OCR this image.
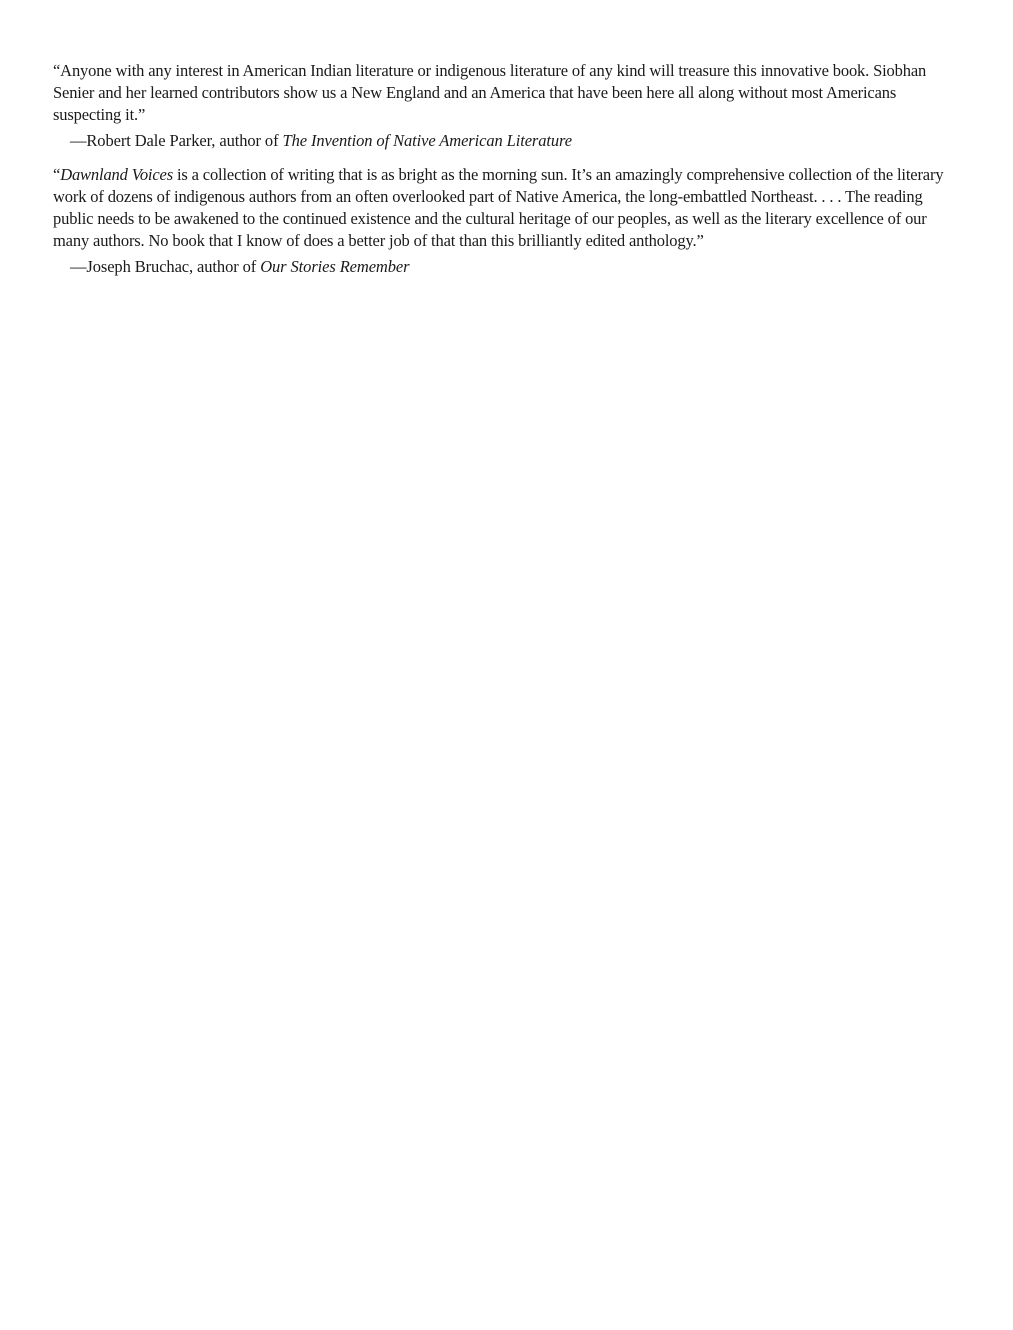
“Anyone with any interest in American Indian literature or indigenous literature of any kind will treasure this innovative book. Siobhan Senier and her learned contributors show us a New England and an America that have been here all along without most Americans suspecting it.”

—Robert Dale Parker, author of The Invention of Native American Literature

“Dawnland Voices is a collection of writing that is as bright as the morning sun. It’s an amazingly comprehensive collection of the literary work of dozens of indigenous authors from an often overlooked part of Native America, the long-embattled Northeast. . . . The reading public needs to be awakened to the continued existence and the cultural heritage of our peoples, as well as the literary excellence of our many authors. No book that I know of does a better job of that than this brilliantly edited anthology.”

—Joseph Bruchac, author of Our Stories Remember
